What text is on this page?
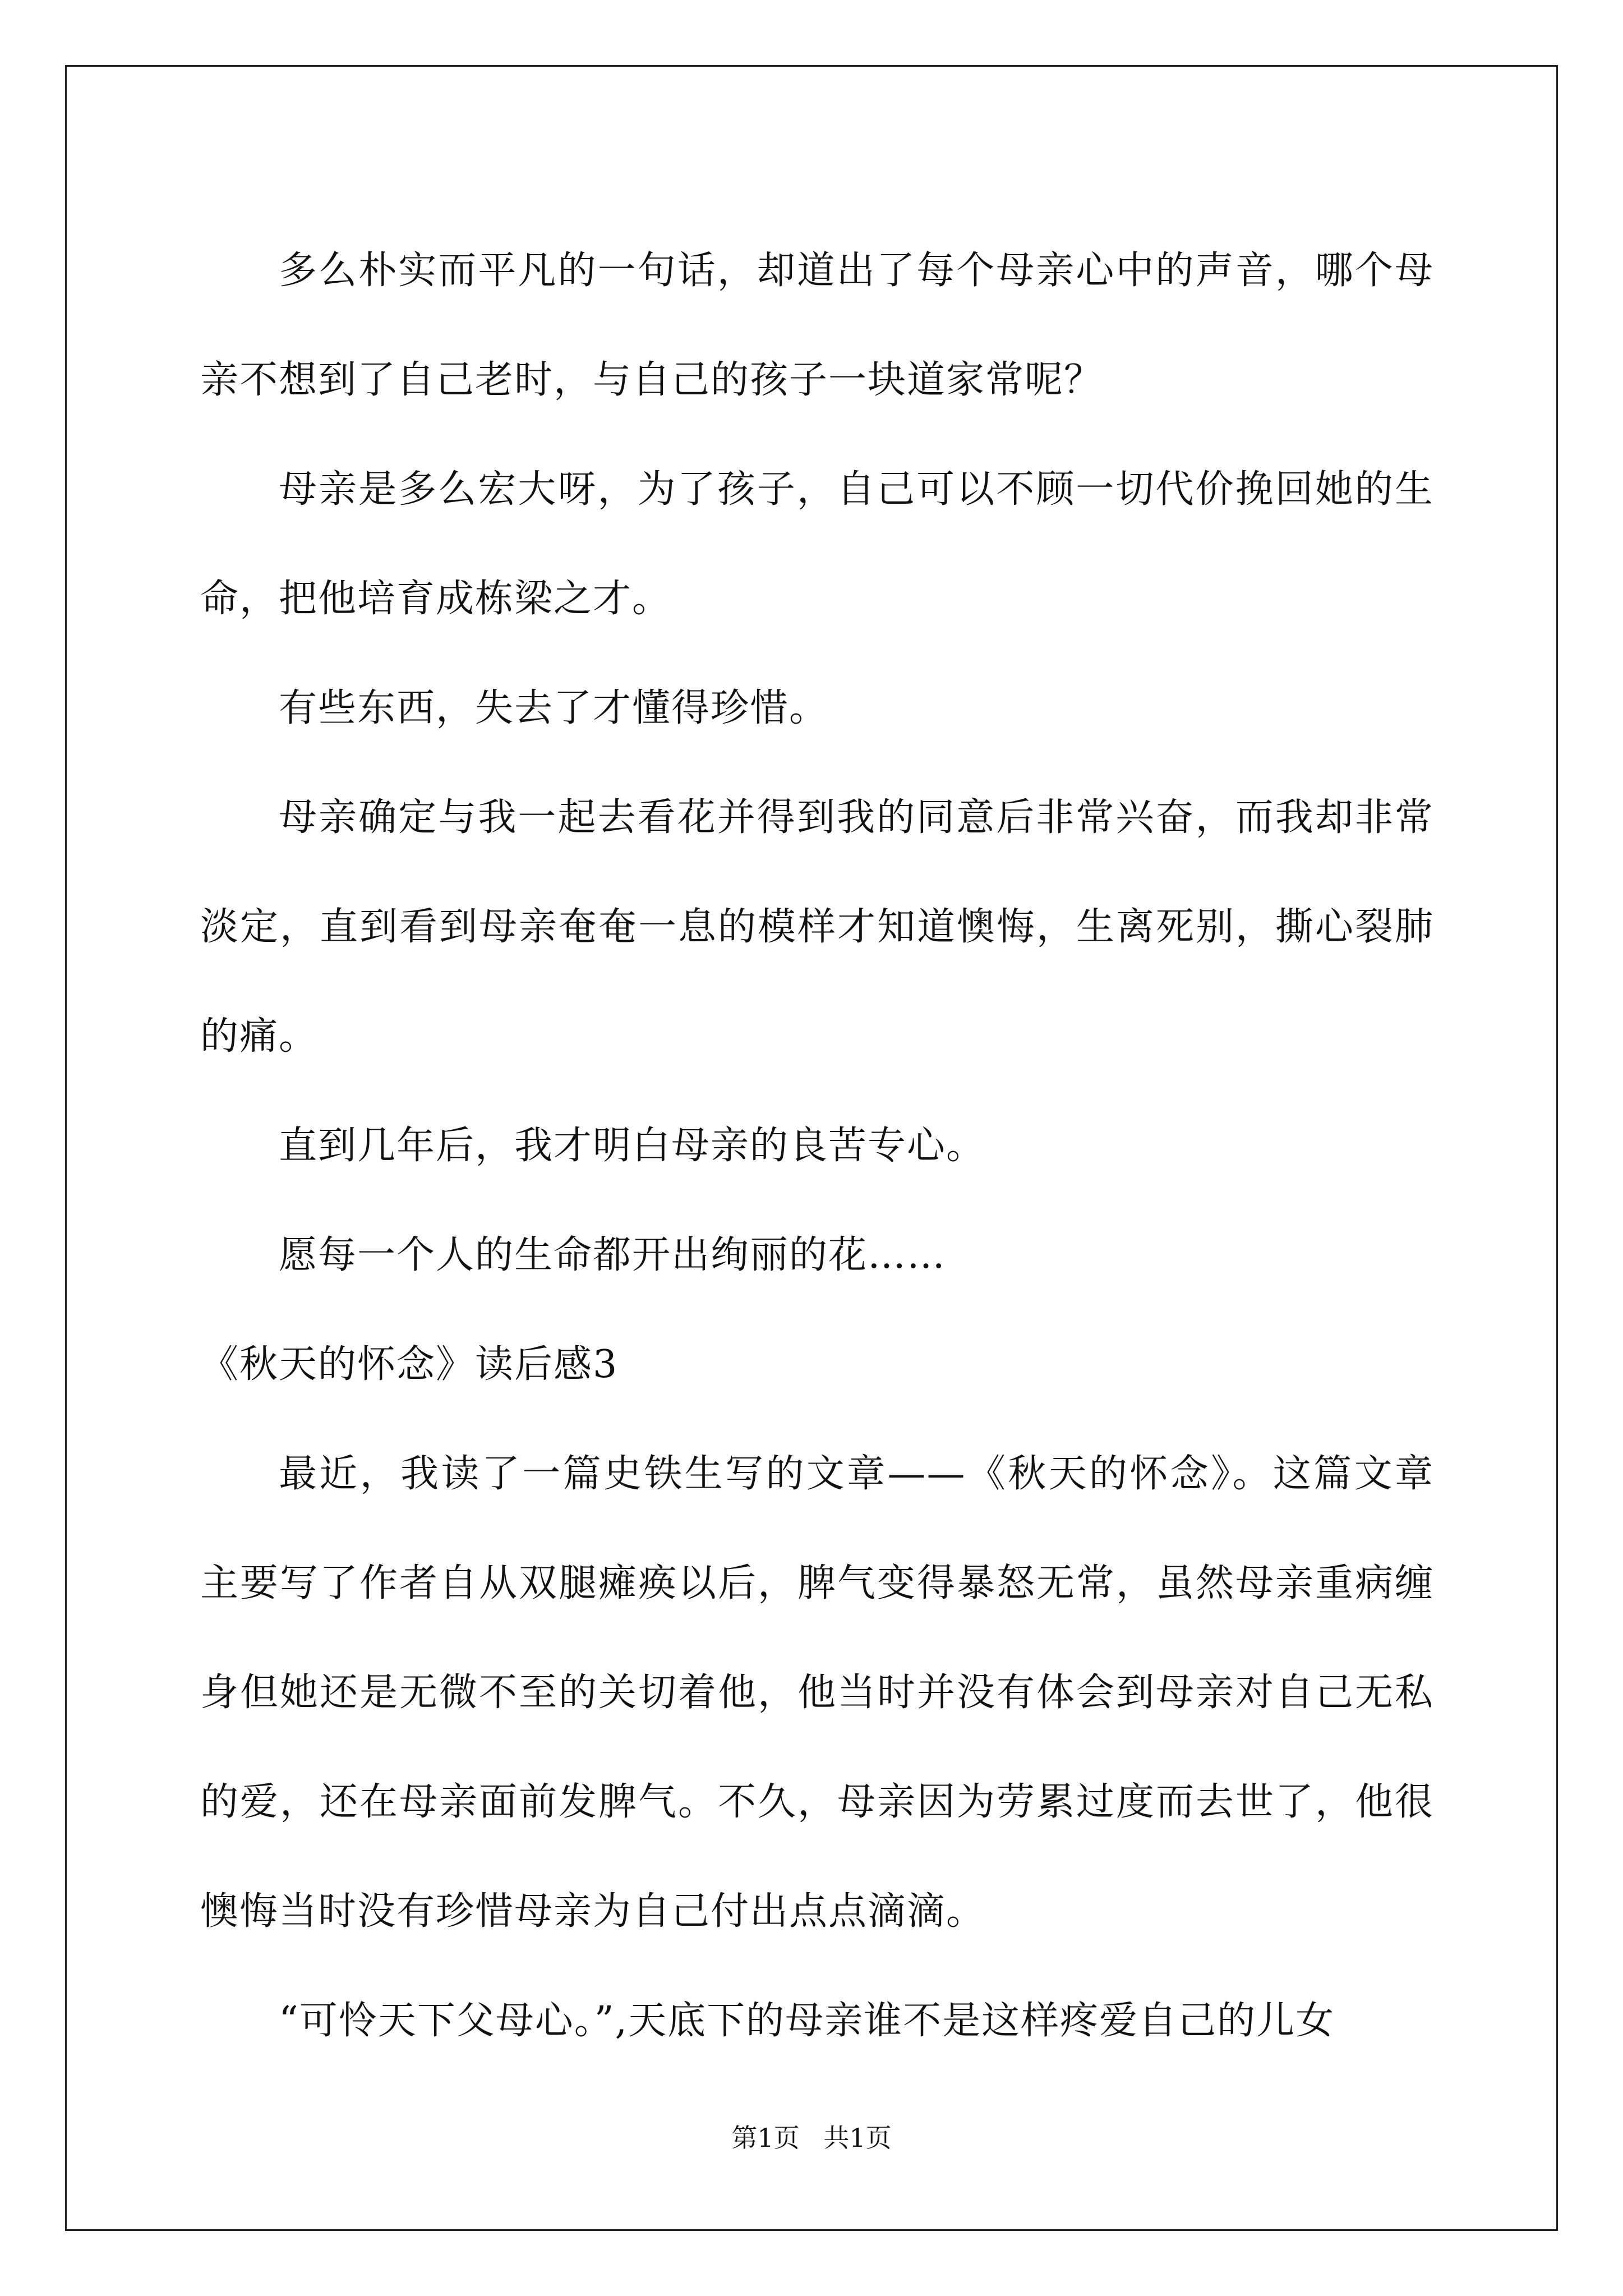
多么朴实而平凡的一句话，却道出了每个母亲心中的声音，哪个母亲不想到了自己老时，与自己的孩子一块道家常呢？

母亲是多么宏大呀，为了孩子，自己可以不顾一切代价挽回她的生命，把他培育成栋梁之才。

有些东西，失去了才懂得珍惜。

母亲确定与我一起去看花并得到我的同意后非常兴奋，而我却非常淡定，直到看到母亲奄奄一息的模样才知道懊悔，生离死别，撕心裂肺的痛。

直到几年后，我才明白母亲的良苦专心。

愿每一个人的生命都开出绚丽的花……

《秋天的怀念》读后感3

最近，我读了一篇史铁生写的文章——《秋天的怀念》。这篇文章主要写了作者自从双腿瘫痪以后，脾气变得暴怒无常，虽然母亲重病缠身但她还是无微不至的关切着他，他当时并没有体会到母亲对自己无私的爱，还在母亲面前发脾气。不久，母亲因为劳累过度而去世了，他很懊悔当时没有珍惜母亲为自己付出点点滴滴。

“可怜天下父母心。”,天底下的母亲谁不是这样疼爱自己的儿女

第1页 共1页
